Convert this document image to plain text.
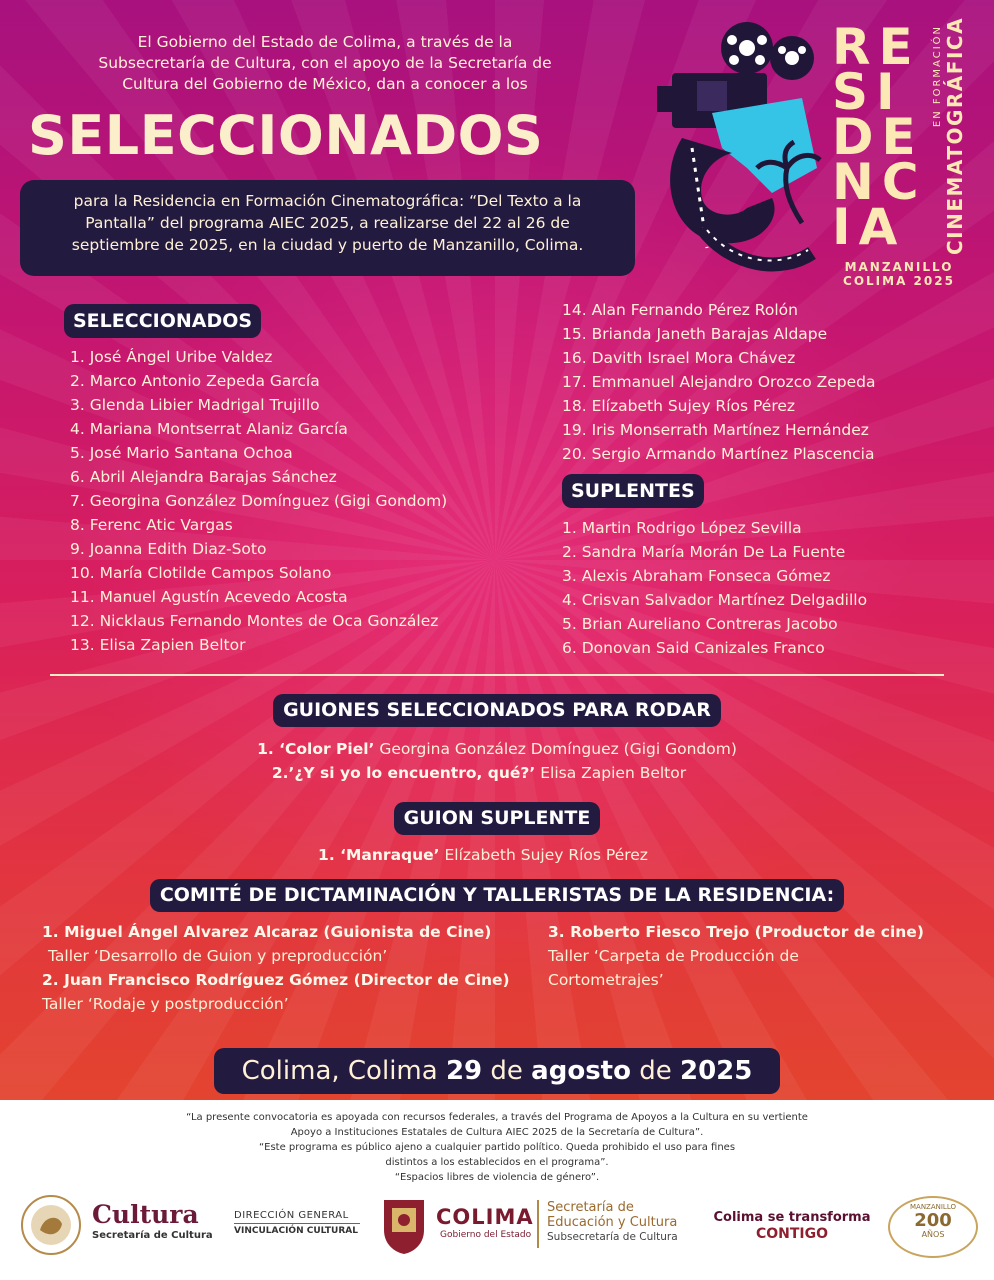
El Gobierno del Estado de Colima, a través de la
Subsecretaría de Cultura, con el apoyo de la Secretaría de
Cultura del Gobierno de México, dan a conocer a los
SELECCIONADOS
para la Residencia en Formación Cinematográfica: “Del Texto a la
Pantalla” del programa AIEC 2025, a realizarse del 22 al 26 de
septiembre de 2025, en la ciudad y puerto de Manzanillo, Colima.
RE
SI
DE
NC
IA
EN FORMACIÓN CINEMATOGRÁFICA
MANZANILLO
COLIMA 2025
SELECCIONADOS
1. José Ángel Uribe Valdez
2. Marco Antonio Zepeda García
3. Glenda Libier Madrigal Trujillo
4. Mariana Montserrat Alaniz García
5. José Mario Santana Ochoa
6. Abril Alejandra Barajas Sánchez
7. Georgina González Domínguez (Gigi Gondom)
8. Ferenc Atic Vargas
9. Joanna Edith Diaz-Soto
10. María Clotilde Campos Solano
11. Manuel Agustín Acevedo Acosta
12. Nicklaus Fernando Montes de Oca González
13. Elisa Zapien Beltor
14. Alan Fernando Pérez Rolón
15. Brianda Janeth Barajas Aldape
16. Davith Israel Mora Chávez
17. Emmanuel Alejandro Orozco Zepeda
18. Elízabeth Sujey Ríos Pérez
19. Iris Monserrath Martínez Hernández
20. Sergio Armando Martínez Plascencia
SUPLENTES
1. Martin Rodrigo López Sevilla
2. Sandra María Morán De La Fuente
3. Alexis Abraham Fonseca Gómez
4. Crisvan Salvador Martínez Delgadillo
5. Brian Aureliano Contreras Jacobo
6. Donovan Said Canizales Franco
GUIONES SELECCIONADOS PARA RODAR
1. ‘Color Piel’ Georgina González Domínguez (Gigi Gondom)
2.’¿Y si yo lo encuentro, qué?’ Elisa Zapien Beltor
GUION SUPLENTE
1. ‘Manraque’ Elízabeth Sujey Ríos Pérez
COMITÉ DE DICTAMINACIÓN Y TALLERISTAS DE LA RESIDENCIA:
1. Miguel Ángel Alvarez Alcaraz (Guionista de Cine)
Taller ‘Desarrollo de Guion y preproducción’
2. Juan Francisco Rodríguez Gómez (Director de Cine)
Taller ‘Rodaje y postproducción’
3. Roberto Fiesco Trejo (Productor de cine)
Taller ‘Carpeta de Producción de
Cortometrajes’
Colima, Colima 29 de agosto de 2025
“La presente convocatoria es apoyada con recursos federales, a través del Programa de Apoyos a la Cultura en su vertiente
Apoyo a Instituciones Estatales de Cultura AIEC 2025 de la Secretaría de Cultura”.
“Este programa es público ajeno a cualquier partido político. Queda prohibido el uso para fines
distintos a los establecidos en el programa”.
“Espacios libres de violencia de género”.
Cultura
Secretaría de Cultura
DIRECCIÓN GENERAL
VINCULACIÓN CULTURAL
COLIMA
Gobierno del Estado
Secretaría de
Educación y Cultura
Subsecretaría de Cultura
Colima se transforma
CONTIGO
MANZANILLO
200
AÑOS
